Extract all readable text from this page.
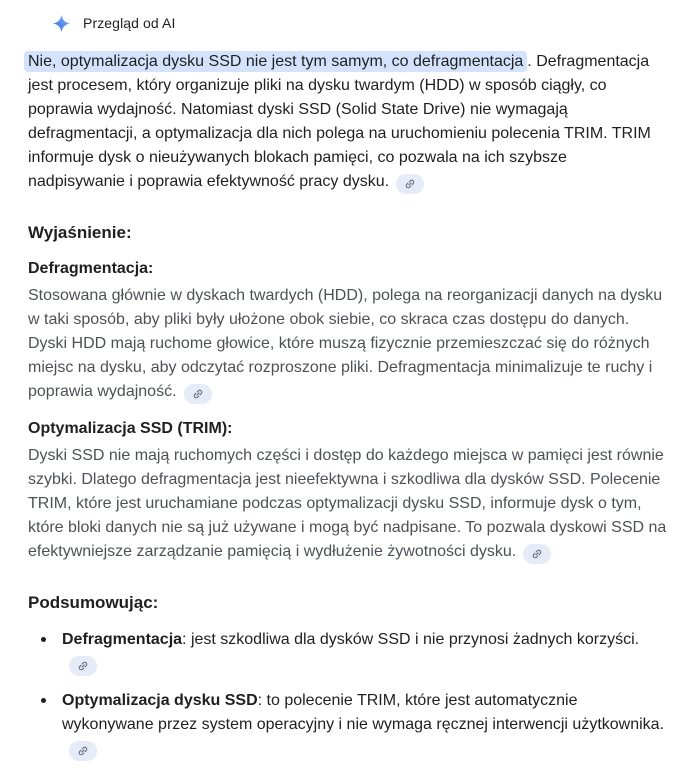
Przegląd od AI

Nie, optymalizacja dysku SSD nie jest tym samym, co defragmentacja . Defragmentacja jest procesem, który organizuje pliki na dysku twardym (HDD) w sposób ciągły, co poprawia wydajność. Natomiast dyski SSD (Solid State Drive) nie wymagają defragmentacji, a optymalizacja dla nich polega na uruchomieniu polecenia TRIM. TRIM informuje dysk o nieużywanych blokach pamięci, co pozwala na ich szybsze nadpisywanie i poprawia efektywność pracy dysku.

Wyjaśnienie:
Defragmentacja:

Stosowana głównie w dyskach twardych (HDD), polega na reorganizacji danych na dysku w taki sposób, aby pliki były ułożone obok siebie, co skraca czas dostępu do danych. Dyski HDD mają ruchome głowice, które muszą fizycznie przemieszczać się do różnych miejsc na dysku, aby odczytać rozproszone pliki. Defragmentacja minimalizuje te ruchy i poprawia wydajność.

Optymalizacja SSD (TRIM):

Dyski SSD nie mają ruchomych części i dostęp do każdego miejsca w pamięci jest równie szybki. Dlatego defragmentacja jest nieefektywna i szkodliwa dla dysków SSD. Polecenie TRIM, które jest uruchamiane podczas optymalizacji dysku SSD, informuje dysk o tym, które bloki danych nie są już używane i mogą być nadpisane. To pozwala dyskowi SSD na efektywniejsze zarządzanie pamięcią i wydłużenie żywotności dysku.

Podsumowując:
Defragmentacja: jest szkodliwa dla dysków SSD i nie przynosi żadnych korzyści.
Optymalizacja dysku SSD: to polecenie TRIM, które jest automatycznie wykonywane przez system operacyjny i nie wymaga ręcznej interwencji użytkownika.
